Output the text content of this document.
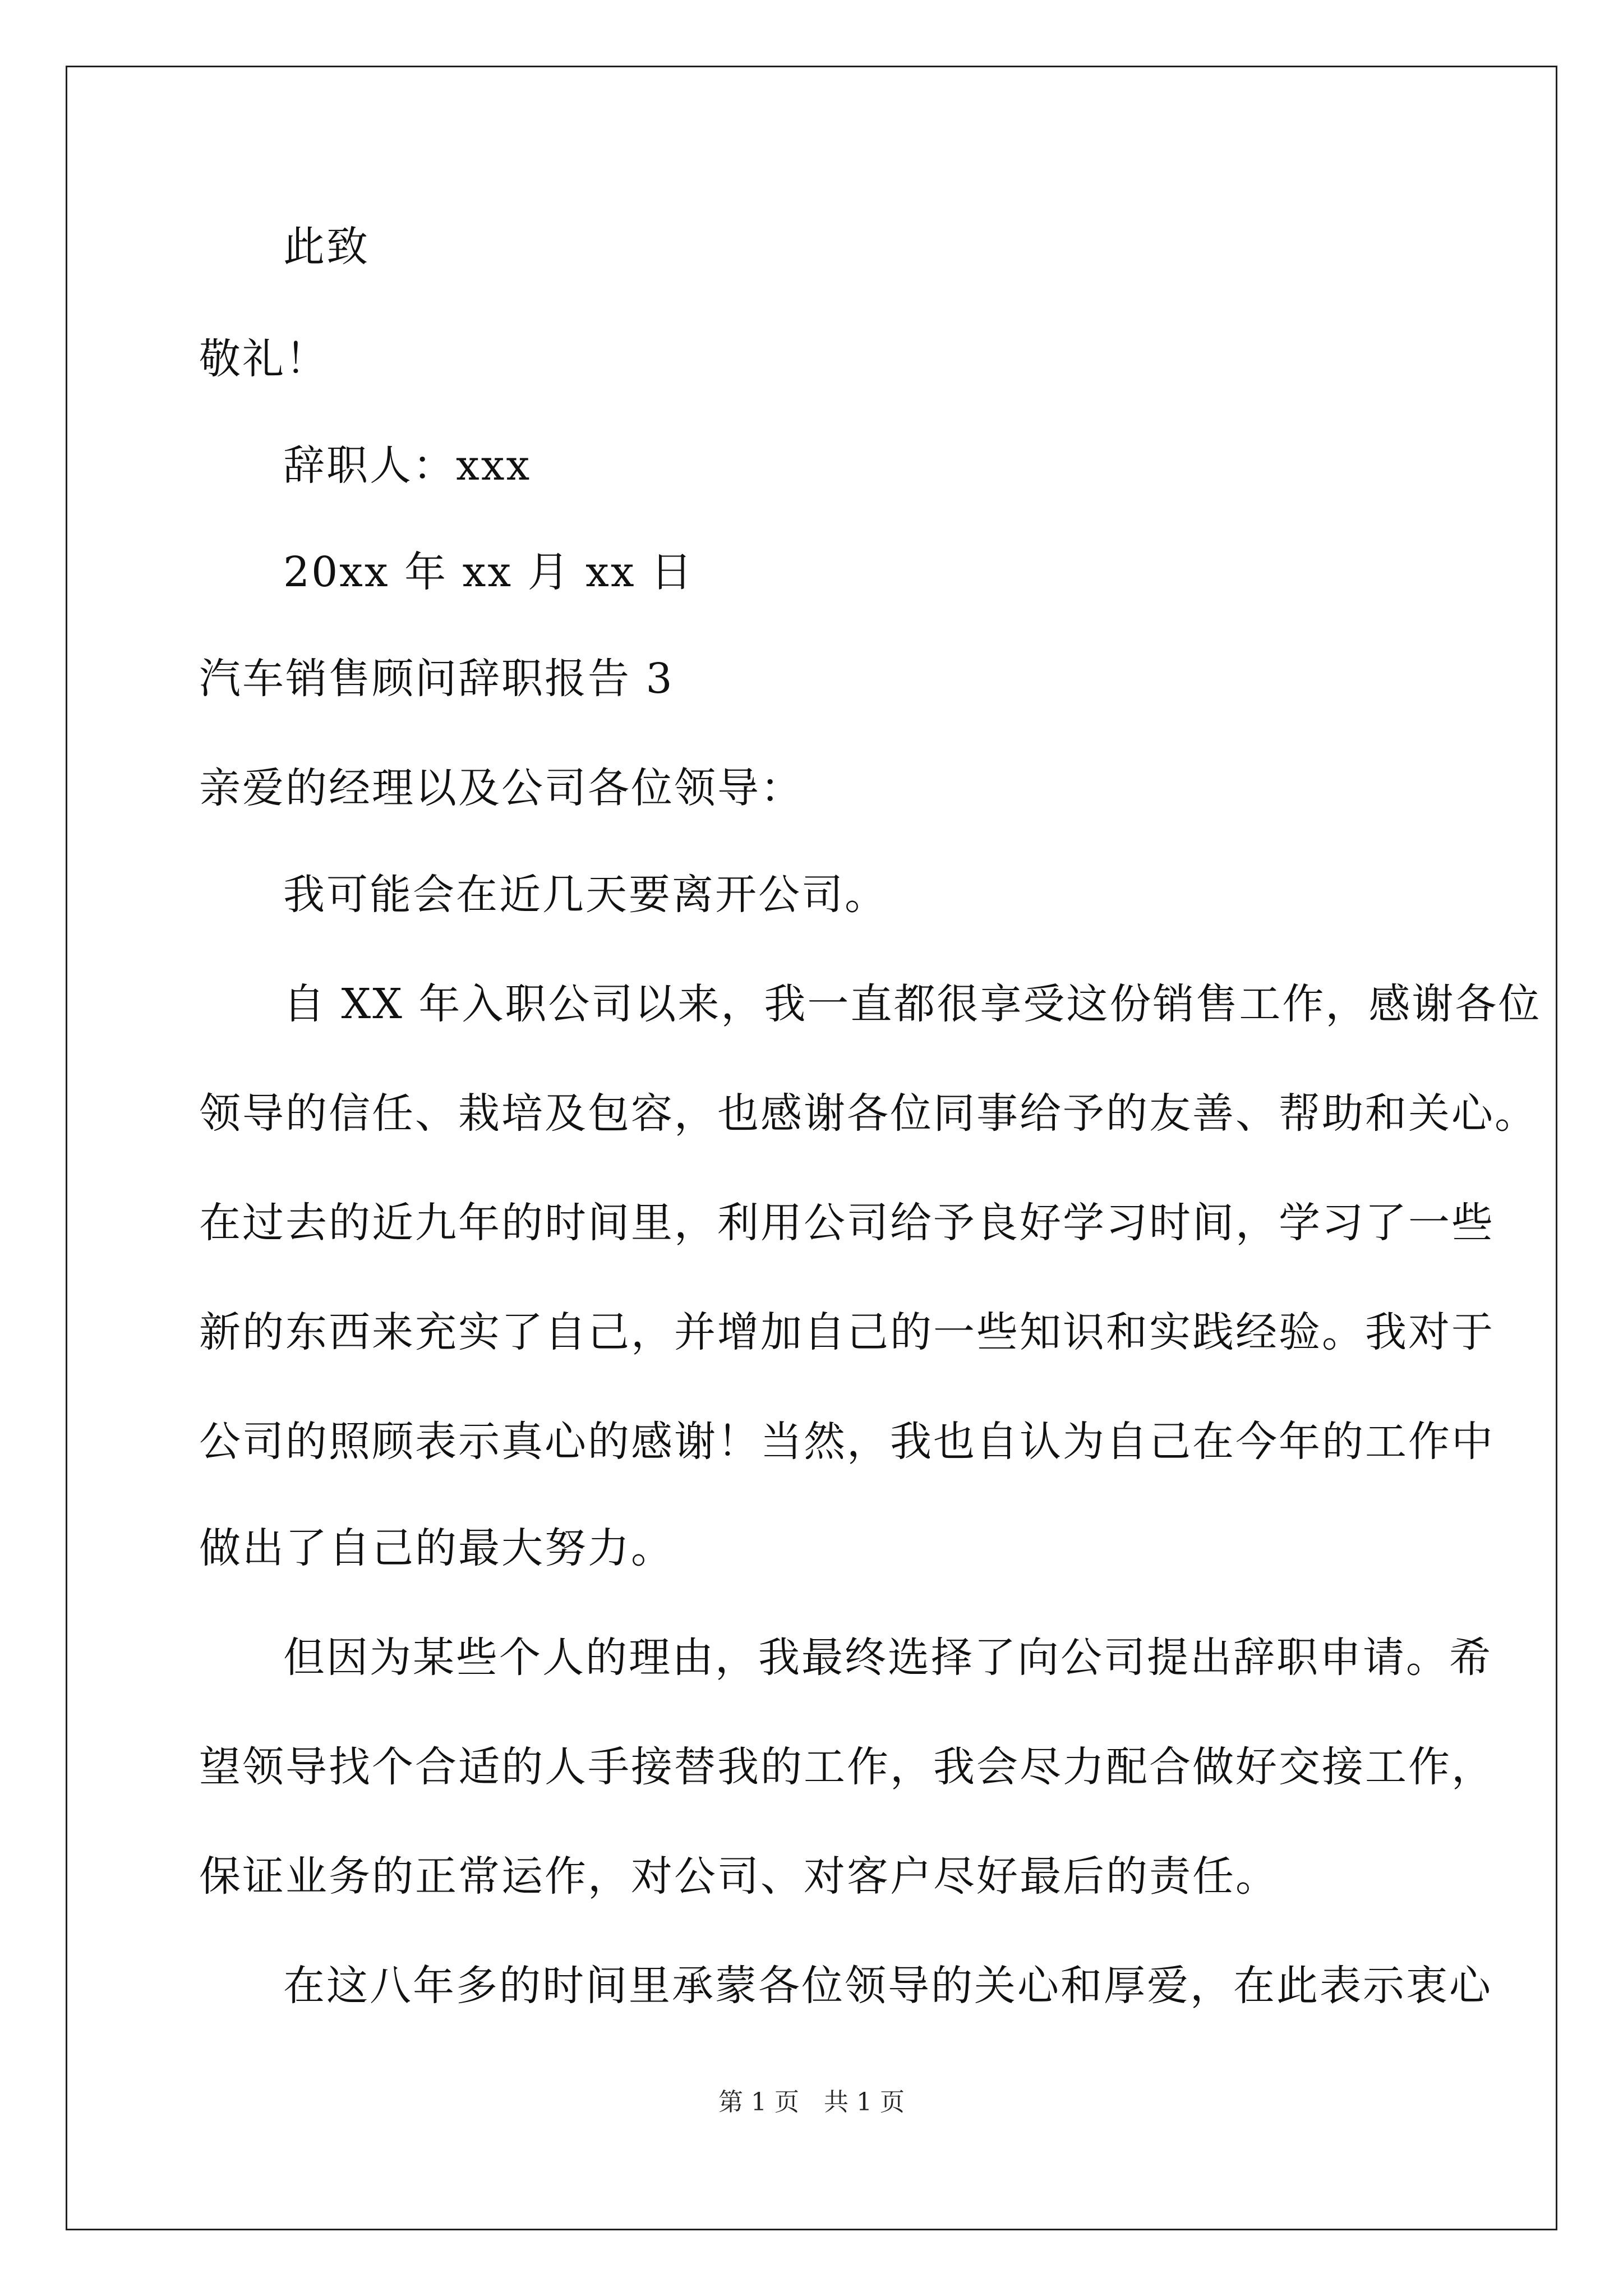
此致
敬礼！
辞职人：xxx
20xx 年 xx 月 xx 日
汽车销售顾问辞职报告 3
亲爱的经理以及公司各位领导：
我可能会在近几天要离开公司。
自 XX 年入职公司以来，我一直都很享受这份销售工作，感谢各位
领导的信任、栽培及包容，也感谢各位同事给予的友善、帮助和关心。
在过去的近九年的时间里，利用公司给予良好学习时间，学习了一些
新的东西来充实了自己，并增加自己的一些知识和实践经验。我对于
公司的照顾表示真心的感谢！当然，我也自认为自己在今年的工作中
做出了自己的最大努力。
但因为某些个人的理由，我最终选择了向公司提出辞职申请。希
望领导找个合适的人手接替我的工作，我会尽力配合做好交接工作，
保证业务的正常运作，对公司、对客户尽好最后的责任。
在这八年多的时间里承蒙各位领导的关心和厚爱，在此表示衷心
第 1 页　共 1 页
